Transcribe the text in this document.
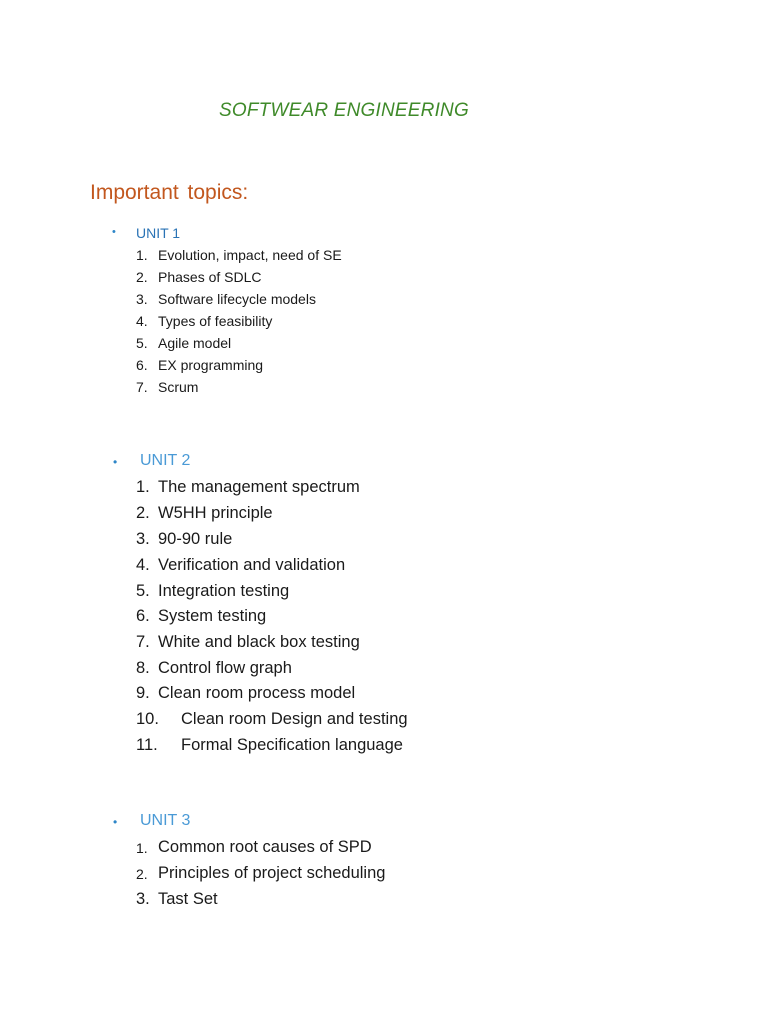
SOFTWEAR ENGINEERING
Important topics:
• UNIT 1
1. Evolution, impact, need of SE
2. Phases of SDLC
3. Software lifecycle models
4. Types of feasibility
5. Agile model
6. EX programming
7. Scrum
• UNIT 2
1. The management spectrum
2. W5HH principle
3. 90-90 rule
4. Verification and validation
5. Integration testing
6. System testing
7. White and black box testing
8. Control flow graph
9. Clean room process model
10. Clean room Design and testing
11. Formal Specification language
• UNIT 3
1. Common root causes of SPD
2. Principles of project scheduling
3. Tast Set
